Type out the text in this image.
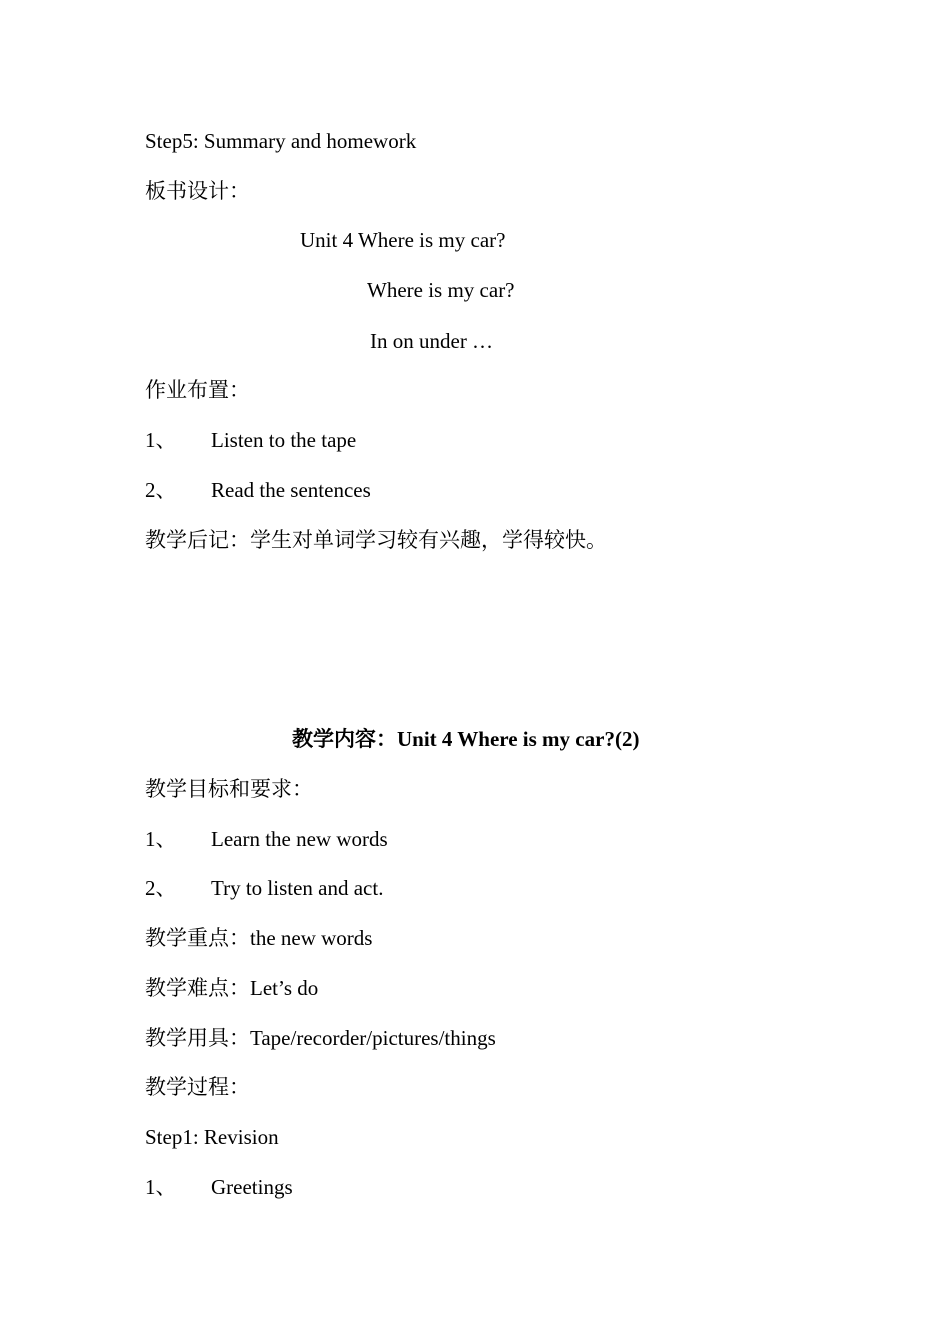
Step5: Summary and homework
板书设计：
Unit 4 Where is my car?
Where is my car?
In on under …
作业布置：
1、 Listen to the tape
2、 Read the sentences
教学后记：学生对单词学习较有兴趣，学得较快。
教学内容：Unit 4 Where is my car?(2)
教学目标和要求：
1、 Learn the new words
2、 Try to listen and act.
教学重点：the new words
教学难点：Let’s do
教学用具：Tape/recorder/pictures/things
教学过程：
Step1: Revision
1、 Greetings
